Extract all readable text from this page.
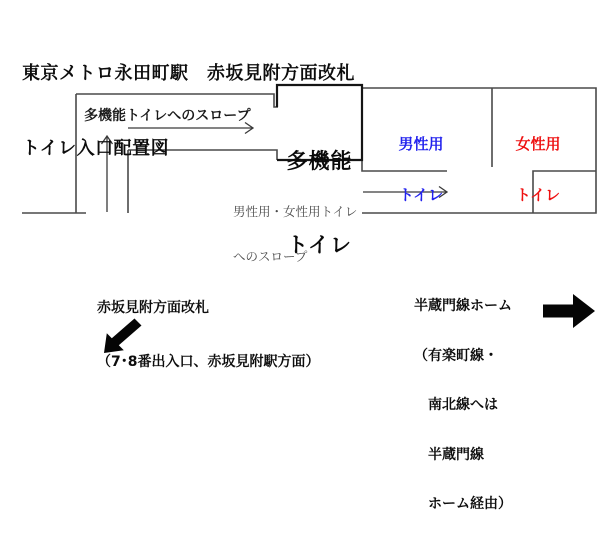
東京メトロ永田町駅　赤坂見附方面改札

トイレ入口配置図

多機能トイレへのスロープ

多機能

トイレ

男性用

トイレ

女性用

トイレ

男性用・女性用トイレ

へのスロープ

赤坂見附方面改札

（7･8番出入口、赤坂見附駅方面）

半蔵門線ホーム

（有楽町線・

　南北線へは

　半蔵門線

　ホーム経由）
